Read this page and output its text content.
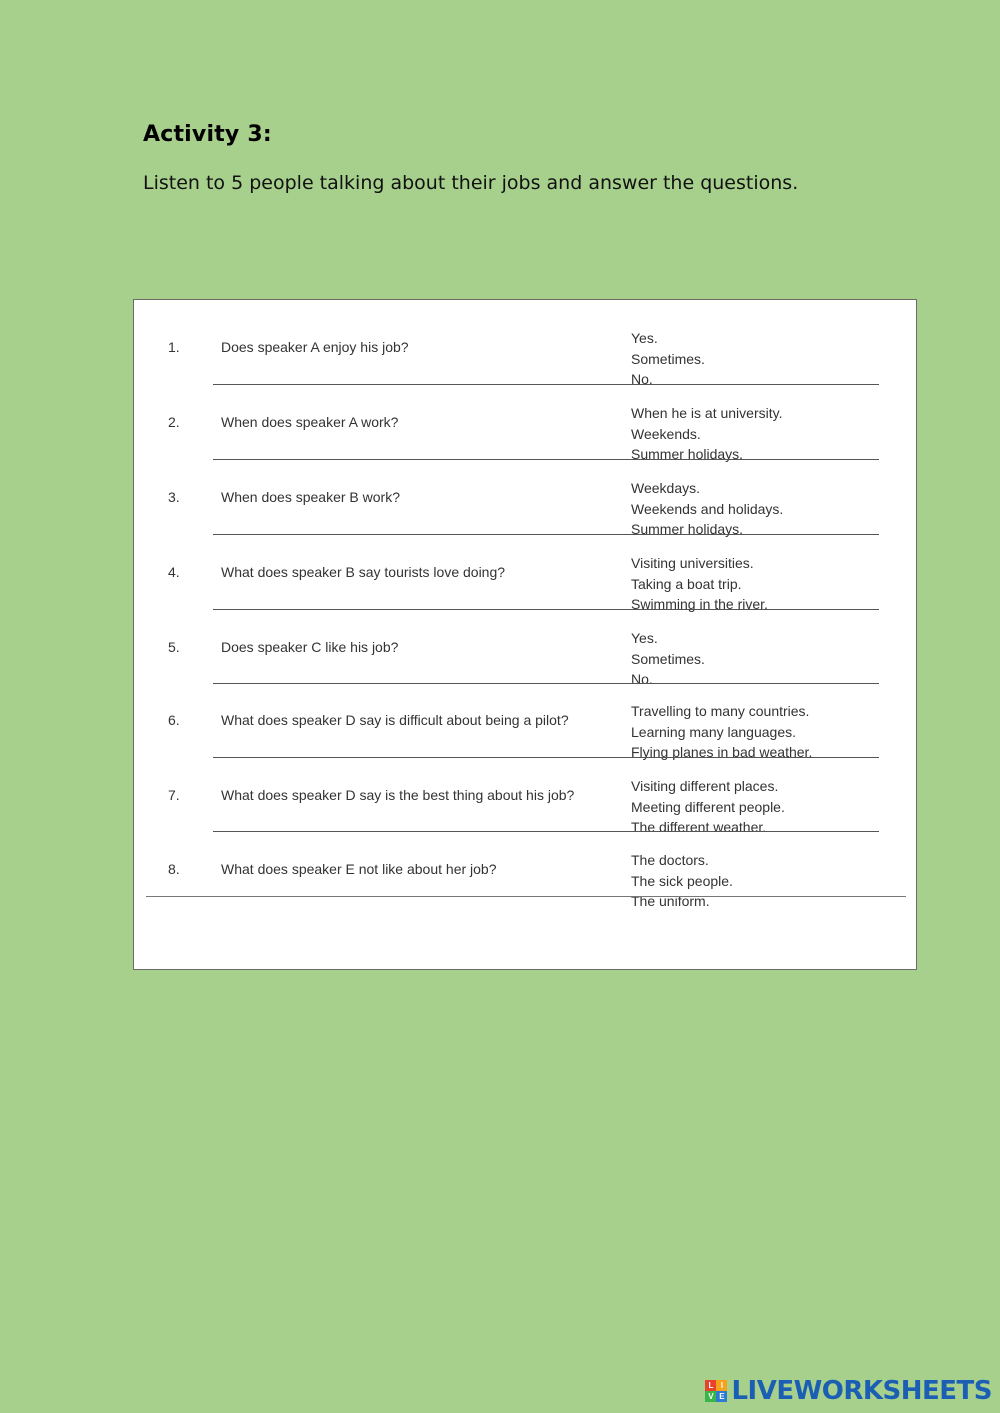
Activity 3:
Listen to 5 people talking about their jobs and answer the questions.
1.	Does speaker A enjoy his job?
Yes.
Sometimes.
No.
2.	When does speaker A work?
When he is at university.
Weekends.
Summer holidays.
3.	When does speaker B work?
Weekdays.
Weekends and holidays.
Summer holidays.
4.	What does speaker B say tourists love doing?
Visiting universities.
Taking a boat trip.
Swimming in the river.
5.	Does speaker C like his job?
Yes.
Sometimes.
No.
6.	What does speaker D say is difficult about being a pilot?
Travelling to many countries.
Learning many languages.
Flying planes in bad weather.
7.	What does speaker D say is the best thing about his job?
Visiting different places.
Meeting different people.
The different weather.
8.	What does speaker E not like about her job?
The doctors.
The sick people.
The uniform.
L I
V E LIVEWORKSHEETS
